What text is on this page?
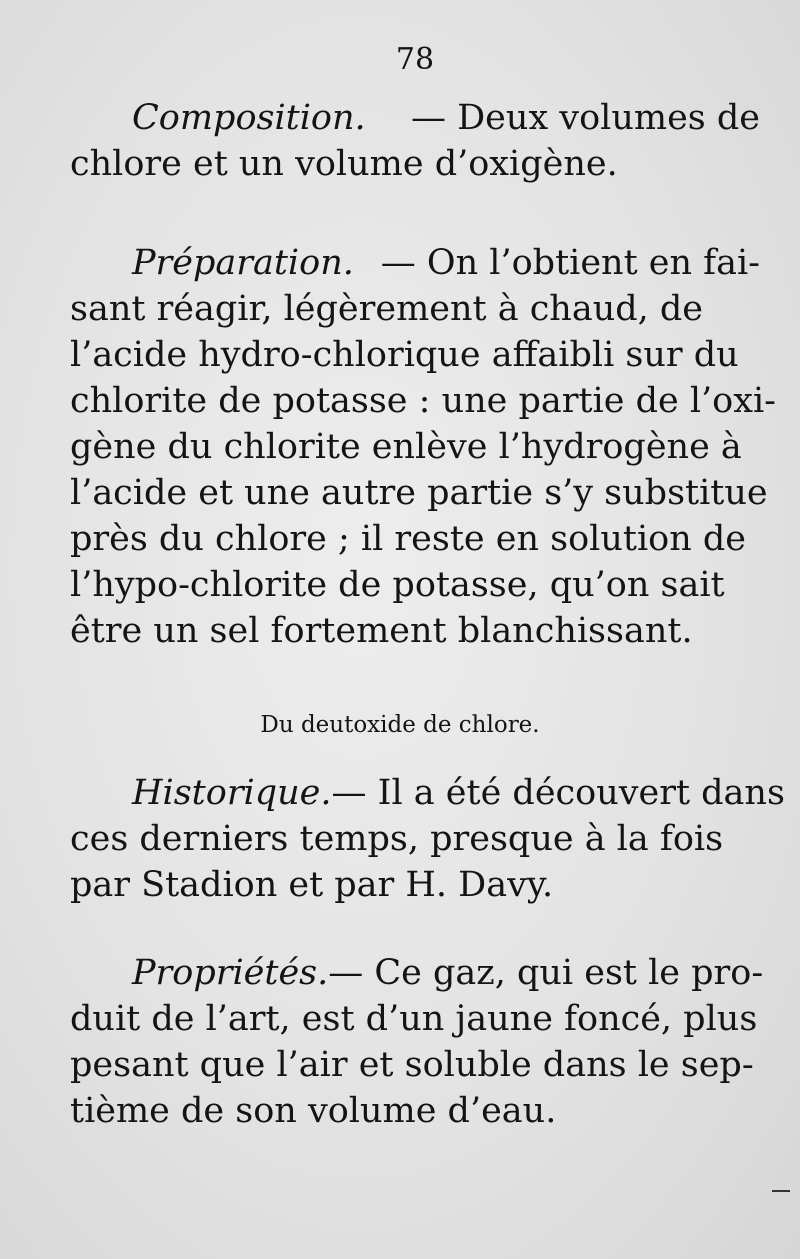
78
Composition. — Deux volumes de
chlore et un volume d’oxigène.
Préparation. — On l’obtient en fai-
sant réagir, légèrement à chaud, de
l’acide hydro-chlorique affaibli sur du
chlorite de potasse : une partie de l’oxi-
gène du chlorite enlève l’hydrogène à
l’acide et une autre partie s’y substitue
près du chlore ; il reste en solution de
l’hypo-chlorite de potasse, qu’on sait
être un sel fortement blanchissant.
Du deutoxide de chlore.
Historique. — Il a été découvert dans
ces derniers temps, presque à la fois
par Stadion et par H. Davy.
Propriétés. — Ce gaz, qui est le pro-
duit de l’art, est d’un jaune foncé, plus
pesant que l’air et soluble dans le sep-
tième de son volume d’eau.
